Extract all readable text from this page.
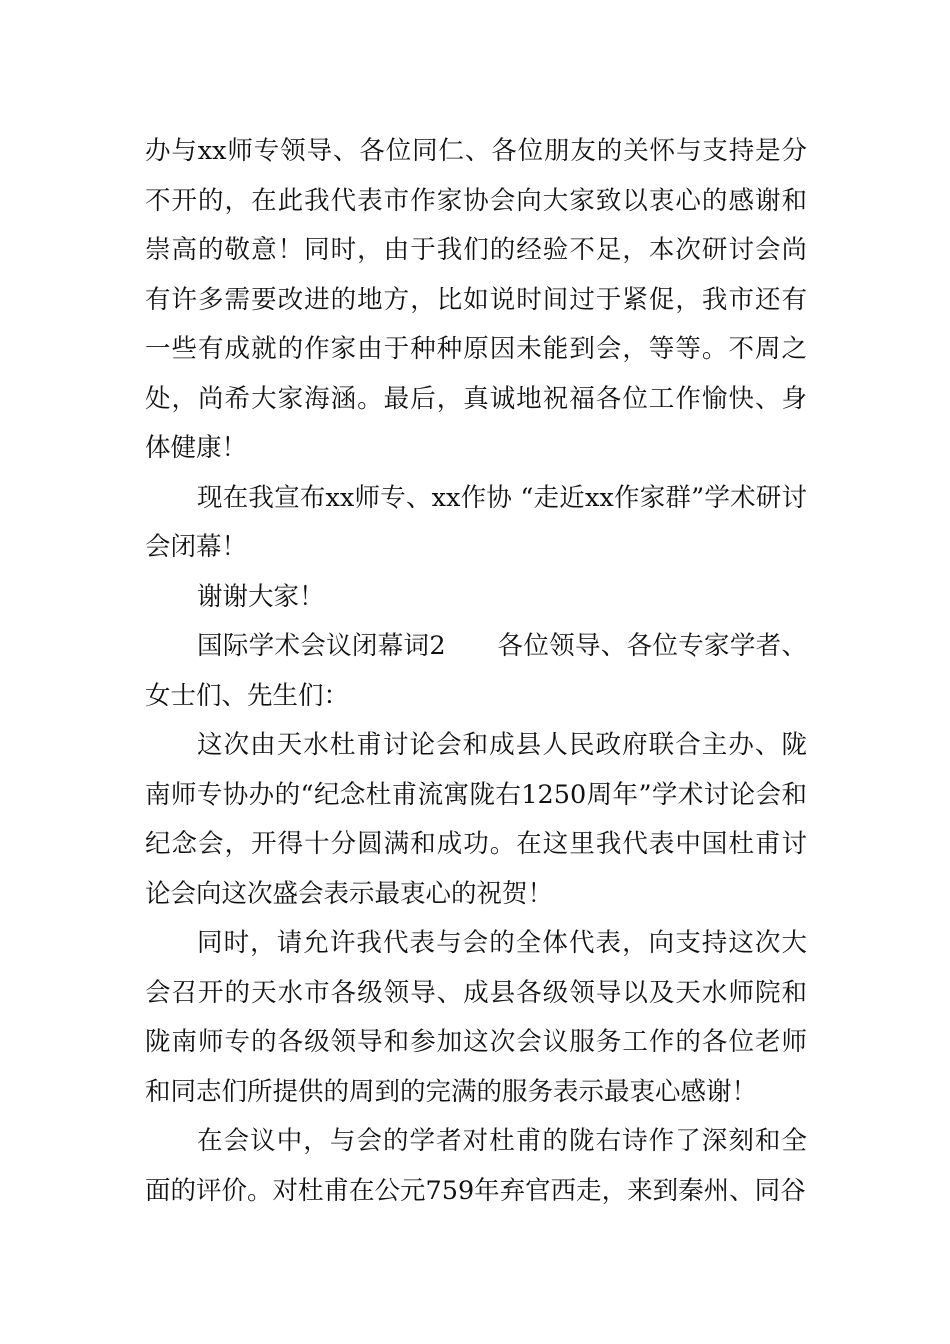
办与xx师专领导、各位同仁、各位朋友的关怀与支持是分不开的，在此我代表市作家协会向大家致以衷心的感谢和崇高的敬意！同时，由于我们的经验不足，本次研讨会尚有许多需要改进的地方，比如说时间过于紧促，我市还有一些有成就的作家由于种种原因未能到会，等等。不周之处，尚希大家海涵。最后，真诚地祝福各位工作愉快、身体健康！

现在我宣布xx师专、xx作协 “走近xx作家群”学术研讨会闭幕！

谢谢大家！

国际学术会议闭幕词2　　各位领导、各位专家学者、女士们、先生们：

这次由天水杜甫讨论会和成县人民政府联合主办、陇南师专协办的“纪念杜甫流寓陇右1250周年”学术讨论会和纪念会，开得十分圆满和成功。在这里我代表中国杜甫讨论会向这次盛会表示最衷心的祝贺！

同时，请允许我代表与会的全体代表，向支持这次大会召开的天水市各级领导、成县各级领导以及天水师院和陇南师专的各级领导和参加这次会议服务工作的各位老师和同志们所提供的周到的完满的服务表示最衷心感谢！

在会议中，与会的学者对杜甫的陇右诗作了深刻和全面的评价。对杜甫在公元759年弃官西走，来到秦州、同谷
